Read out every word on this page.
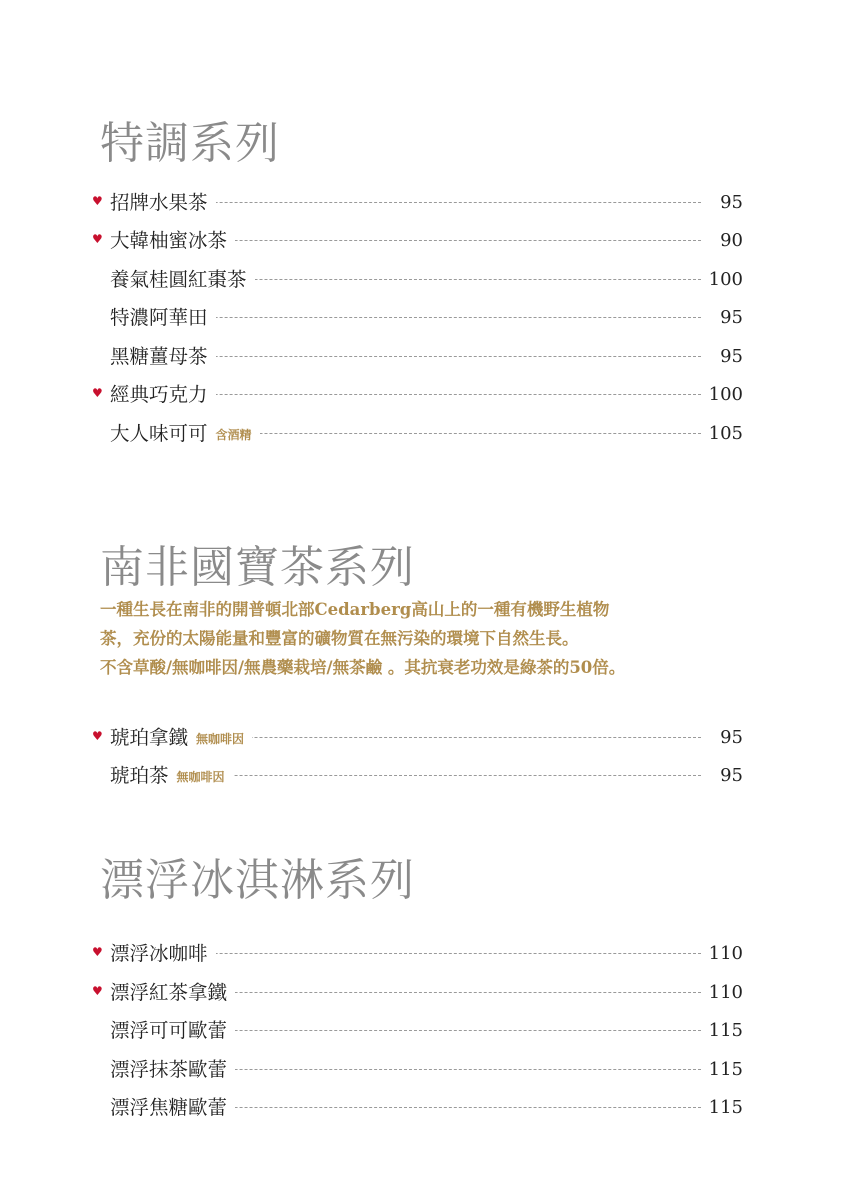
特調系列
♥ 招牌水果茶	95
♥ 大韓柚蜜冰茶	90
養氣桂圓紅棗茶	100
特濃阿華田	95
黑糖薑母茶	95
♥ 經典巧克力	100
大人味可可 含酒精	105
南非國寶茶系列
一種生長在南非的開普頓北部Cedarberg高山上的一種有機野生植物
茶，充份的太陽能量和豐富的礦物質在無污染的環境下自然生長。
不含草酸/無咖啡因/無農藥栽培/無茶鹼 。其抗衰老功效是綠茶的50倍。
♥ 琥珀拿鐵 無咖啡因	95
琥珀茶 無咖啡因	95
漂浮冰淇淋系列
♥ 漂浮冰咖啡	110
♥ 漂浮紅茶拿鐵	110
漂浮可可歐蕾	115
漂浮抹茶歐蕾	115
漂浮焦糖歐蕾	115
